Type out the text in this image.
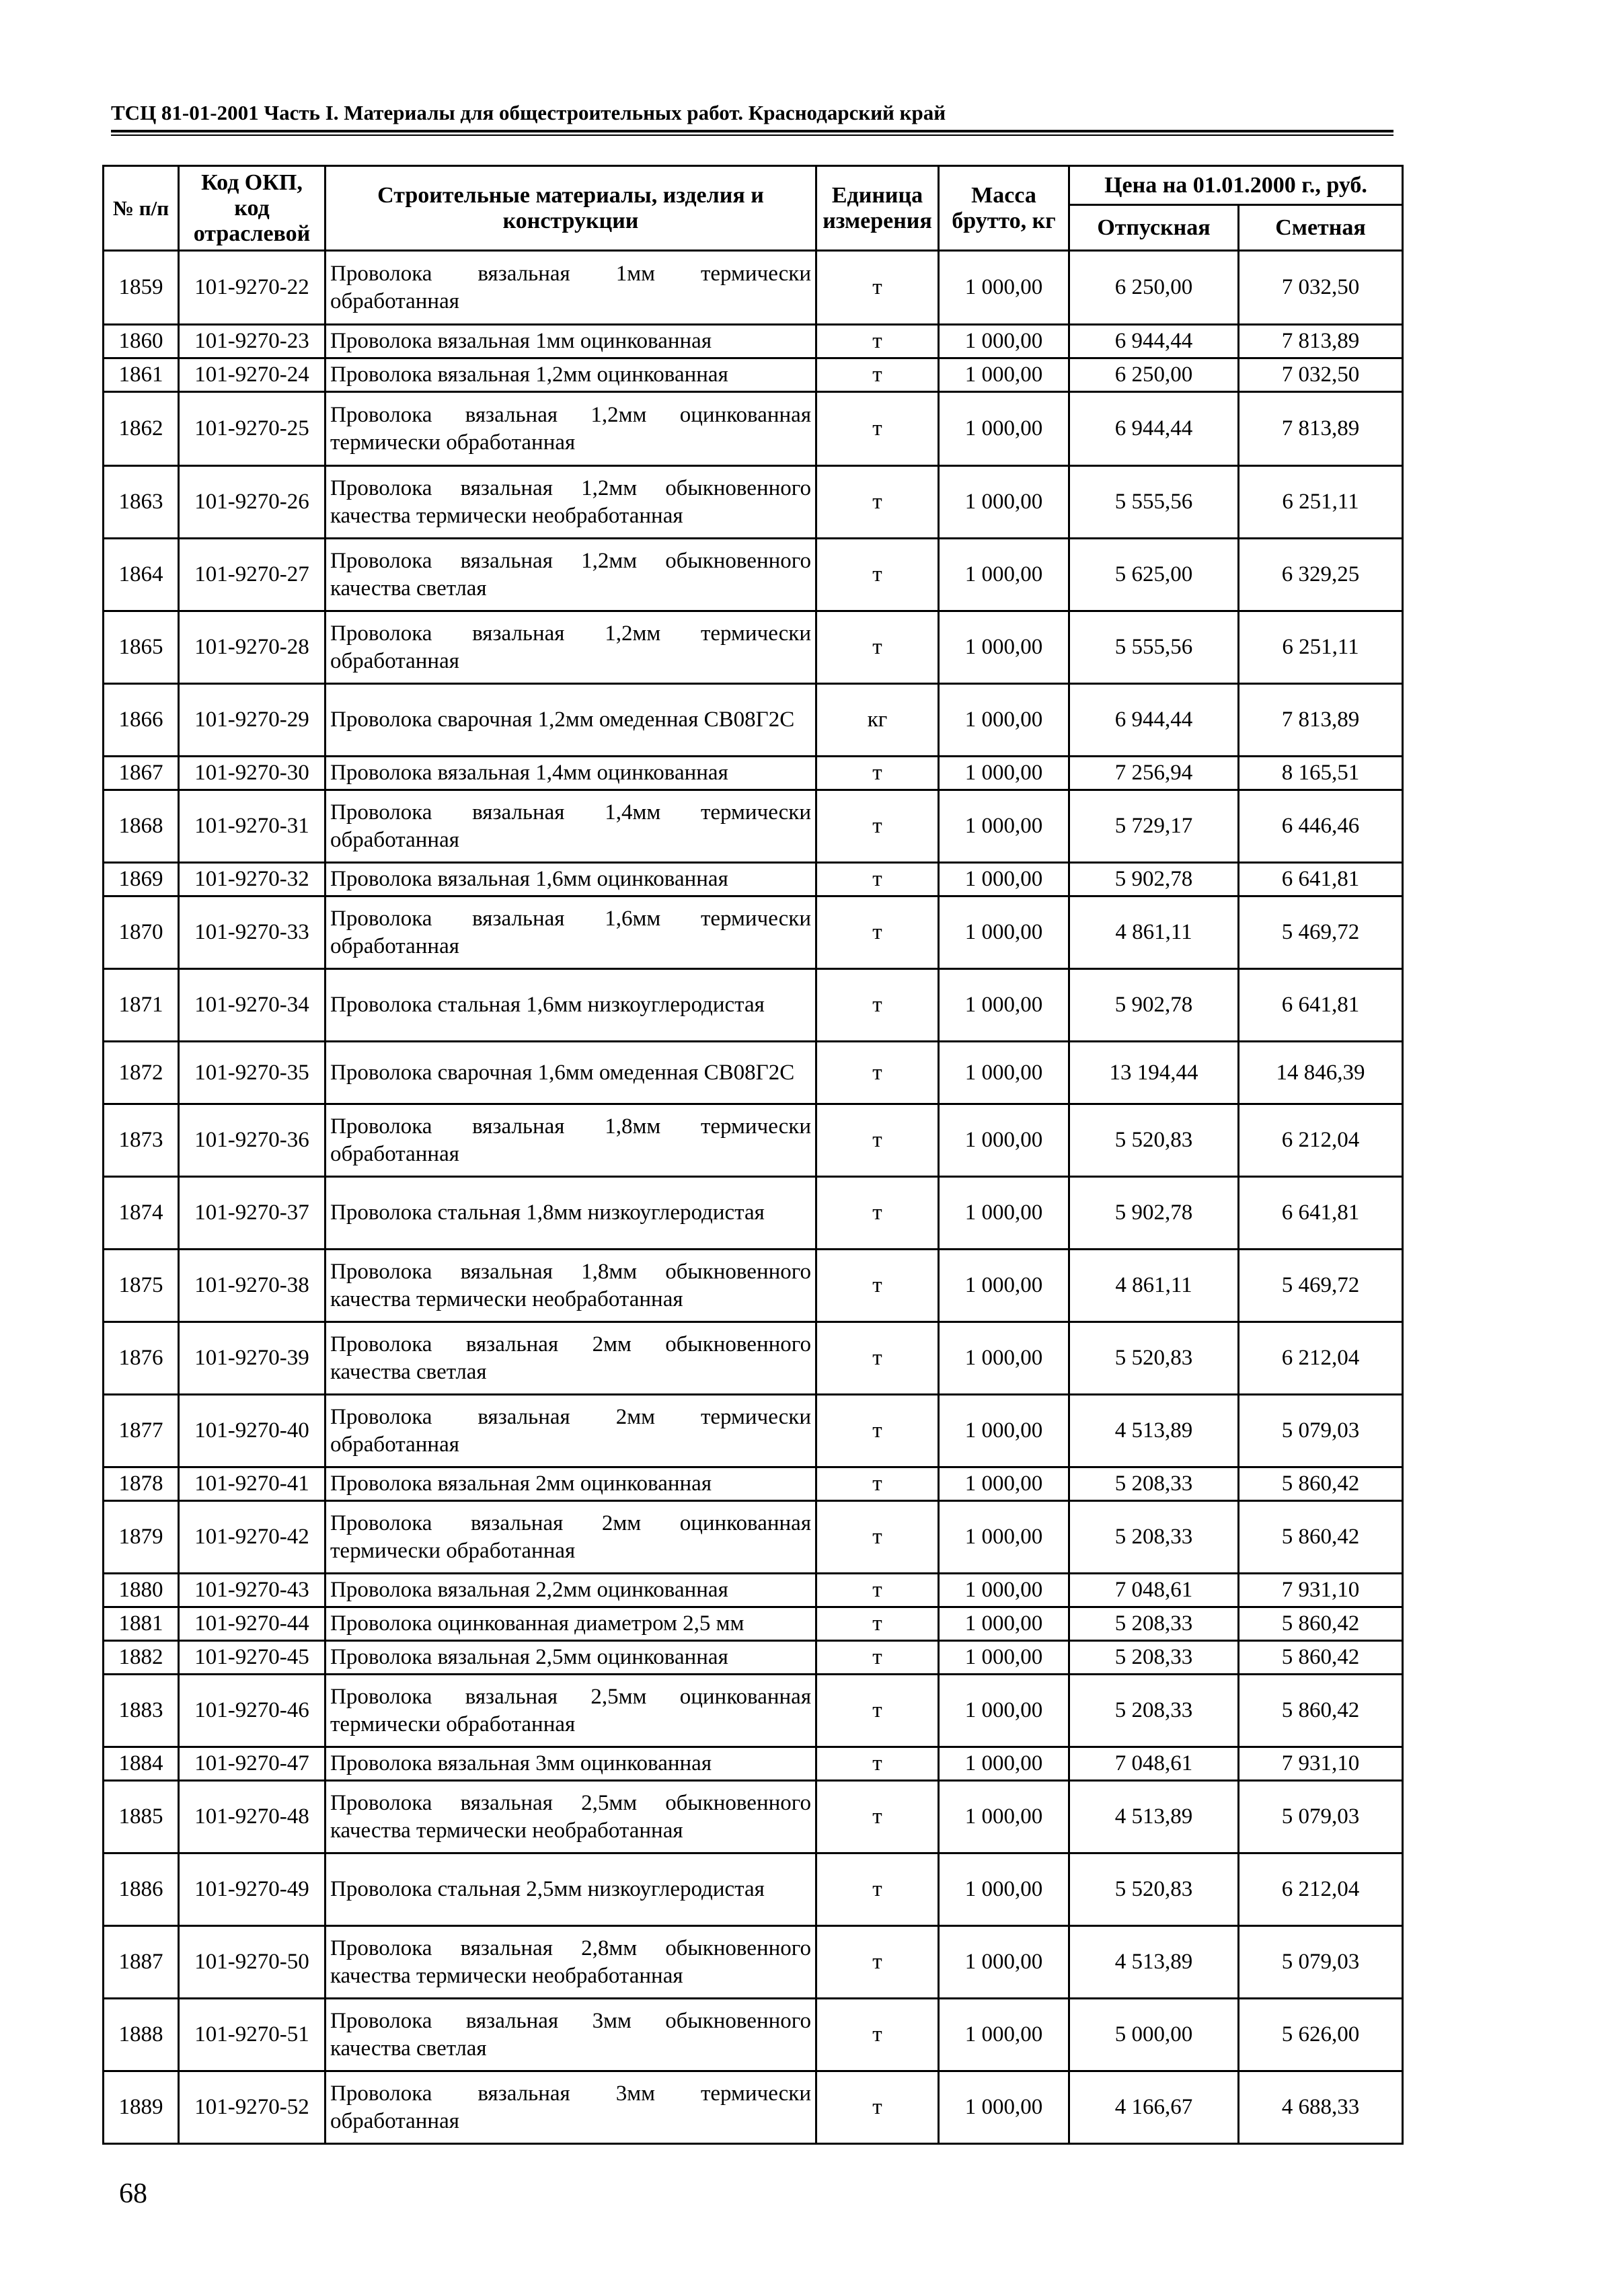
ТСЦ 81-01-2001 Часть I. Материалы для общестроительных работ. Краснодарский край
№ п/п	Код ОКП, код отраслевой	Строительные материалы, изделия и конструкции	Единица измерения	Масса брутто, кг	Цена на 01.01.2000 г., руб.	
					Отпускная	Сметная
1859	101-9270-22	Проволока вязальная 1мм термически обработанная	т	1 000,00	6 250,00	7 032,50
1860	101-9270-23	Проволока вязальная 1мм оцинкованная	т	1 000,00	6 944,44	7 813,89
1861	101-9270-24	Проволока вязальная 1,2мм оцинкованная	т	1 000,00	6 250,00	7 032,50
1862	101-9270-25	Проволока вязальная 1,2мм оцинкованная термически обработанная	т	1 000,00	6 944,44	7 813,89
1863	101-9270-26	Проволока вязальная 1,2мм обыкновенного качества термически необработанная	т	1 000,00	5 555,56	6 251,11
1864	101-9270-27	Проволока вязальная 1,2мм обыкновенного качества светлая	т	1 000,00	5 625,00	6 329,25
1865	101-9270-28	Проволока вязальная 1,2мм термически обработанная	т	1 000,00	5 555,56	6 251,11
1866	101-9270-29	Проволока сварочная 1,2мм омеденная СВ08Г2С	кг	1 000,00	6 944,44	7 813,89
1867	101-9270-30	Проволока вязальная 1,4мм оцинкованная	т	1 000,00	7 256,94	8 165,51
1868	101-9270-31	Проволока вязальная 1,4мм термически обработанная	т	1 000,00	5 729,17	6 446,46
1869	101-9270-32	Проволока вязальная 1,6мм оцинкованная	т	1 000,00	5 902,78	6 641,81
1870	101-9270-33	Проволока вязальная 1,6мм термически обработанная	т	1 000,00	4 861,11	5 469,72
1871	101-9270-34	Проволока стальная 1,6мм низкоуглеродистая	т	1 000,00	5 902,78	6 641,81
1872	101-9270-35	Проволока сварочная 1,6мм омеденная СВ08Г2С	т	1 000,00	13 194,44	14 846,39
1873	101-9270-36	Проволока вязальная 1,8мм термически обработанная	т	1 000,00	5 520,83	6 212,04
1874	101-9270-37	Проволока стальная 1,8мм низкоуглеродистая	т	1 000,00	5 902,78	6 641,81
1875	101-9270-38	Проволока вязальная 1,8мм обыкновенного качества термически необработанная	т	1 000,00	4 861,11	5 469,72
1876	101-9270-39	Проволока вязальная 2мм обыкновенного качества светлая	т	1 000,00	5 520,83	6 212,04
1877	101-9270-40	Проволока вязальная 2мм термически обработанная	т	1 000,00	4 513,89	5 079,03
1878	101-9270-41	Проволока вязальная 2мм оцинкованная	т	1 000,00	5 208,33	5 860,42
1879	101-9270-42	Проволока вязальная 2мм оцинкованная термически обработанная	т	1 000,00	5 208,33	5 860,42
1880	101-9270-43	Проволока вязальная 2,2мм оцинкованная	т	1 000,00	7 048,61	7 931,10
1881	101-9270-44	Проволока оцинкованная диаметром 2,5 мм	т	1 000,00	5 208,33	5 860,42
1882	101-9270-45	Проволока вязальная 2,5мм оцинкованная	т	1 000,00	5 208,33	5 860,42
1883	101-9270-46	Проволока вязальная 2,5мм оцинкованная термически обработанная	т	1 000,00	5 208,33	5 860,42
1884	101-9270-47	Проволока вязальная 3мм оцинкованная	т	1 000,00	7 048,61	7 931,10
1885	101-9270-48	Проволока вязальная 2,5мм обыкновенного качества термически необработанная	т	1 000,00	4 513,89	5 079,03
1886	101-9270-49	Проволока стальная 2,5мм низкоуглеродистая	т	1 000,00	5 520,83	6 212,04
1887	101-9270-50	Проволока вязальная 2,8мм обыкновенного качества термически необработанная	т	1 000,00	4 513,89	5 079,03
1888	101-9270-51	Проволока вязальная 3мм обыкновенного качества светлая	т	1 000,00	5 000,00	5 626,00
1889	101-9270-52	Проволока вязальная 3мм термически обработанная	т	1 000,00	4 166,67	4 688,33
68
